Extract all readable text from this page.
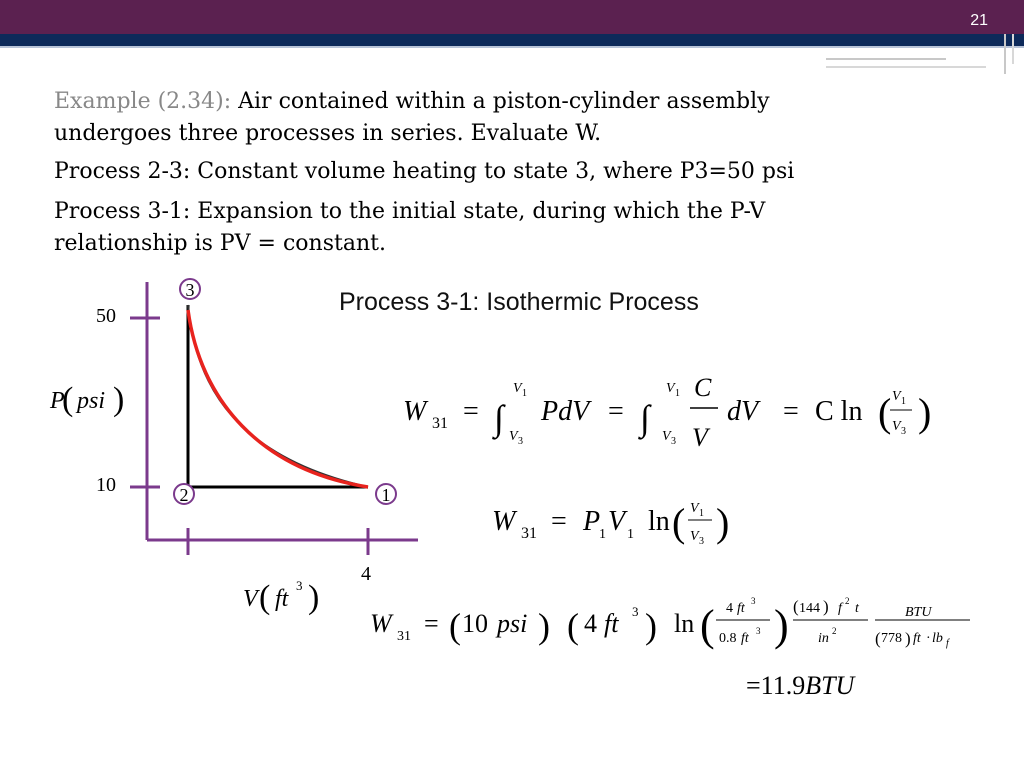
21
Example (2.34): Air contained within a piston-cylinder assembly
undergoes three processes in series. Evaluate W.
Process 2-3: Constant volume heating to state 3, where P3=50 psi
Process 3-1: Expansion to the initial state, during which the P-V
relationship is PV = constant.
Process 3-1: Isothermic Process
3
2	1
50
10
4
P
( psi )
V ( ft
3 )
W 31 = ∫
V 1
V 3
PdV = ∫
V 1
V 3
C
V
dV = C ln ( V 1
V 3 )
W 31 = P
1 V 1 ln ( V 1
V 3 )
W 31 = ( 10 psi ) ( 4 ft 3 ) ln ( 4 ft 3
0.8 ft 3 ) ( 144 ) f 2 t
in 2
BTU
( 778 ) ft · lb f
=11.9BTU
